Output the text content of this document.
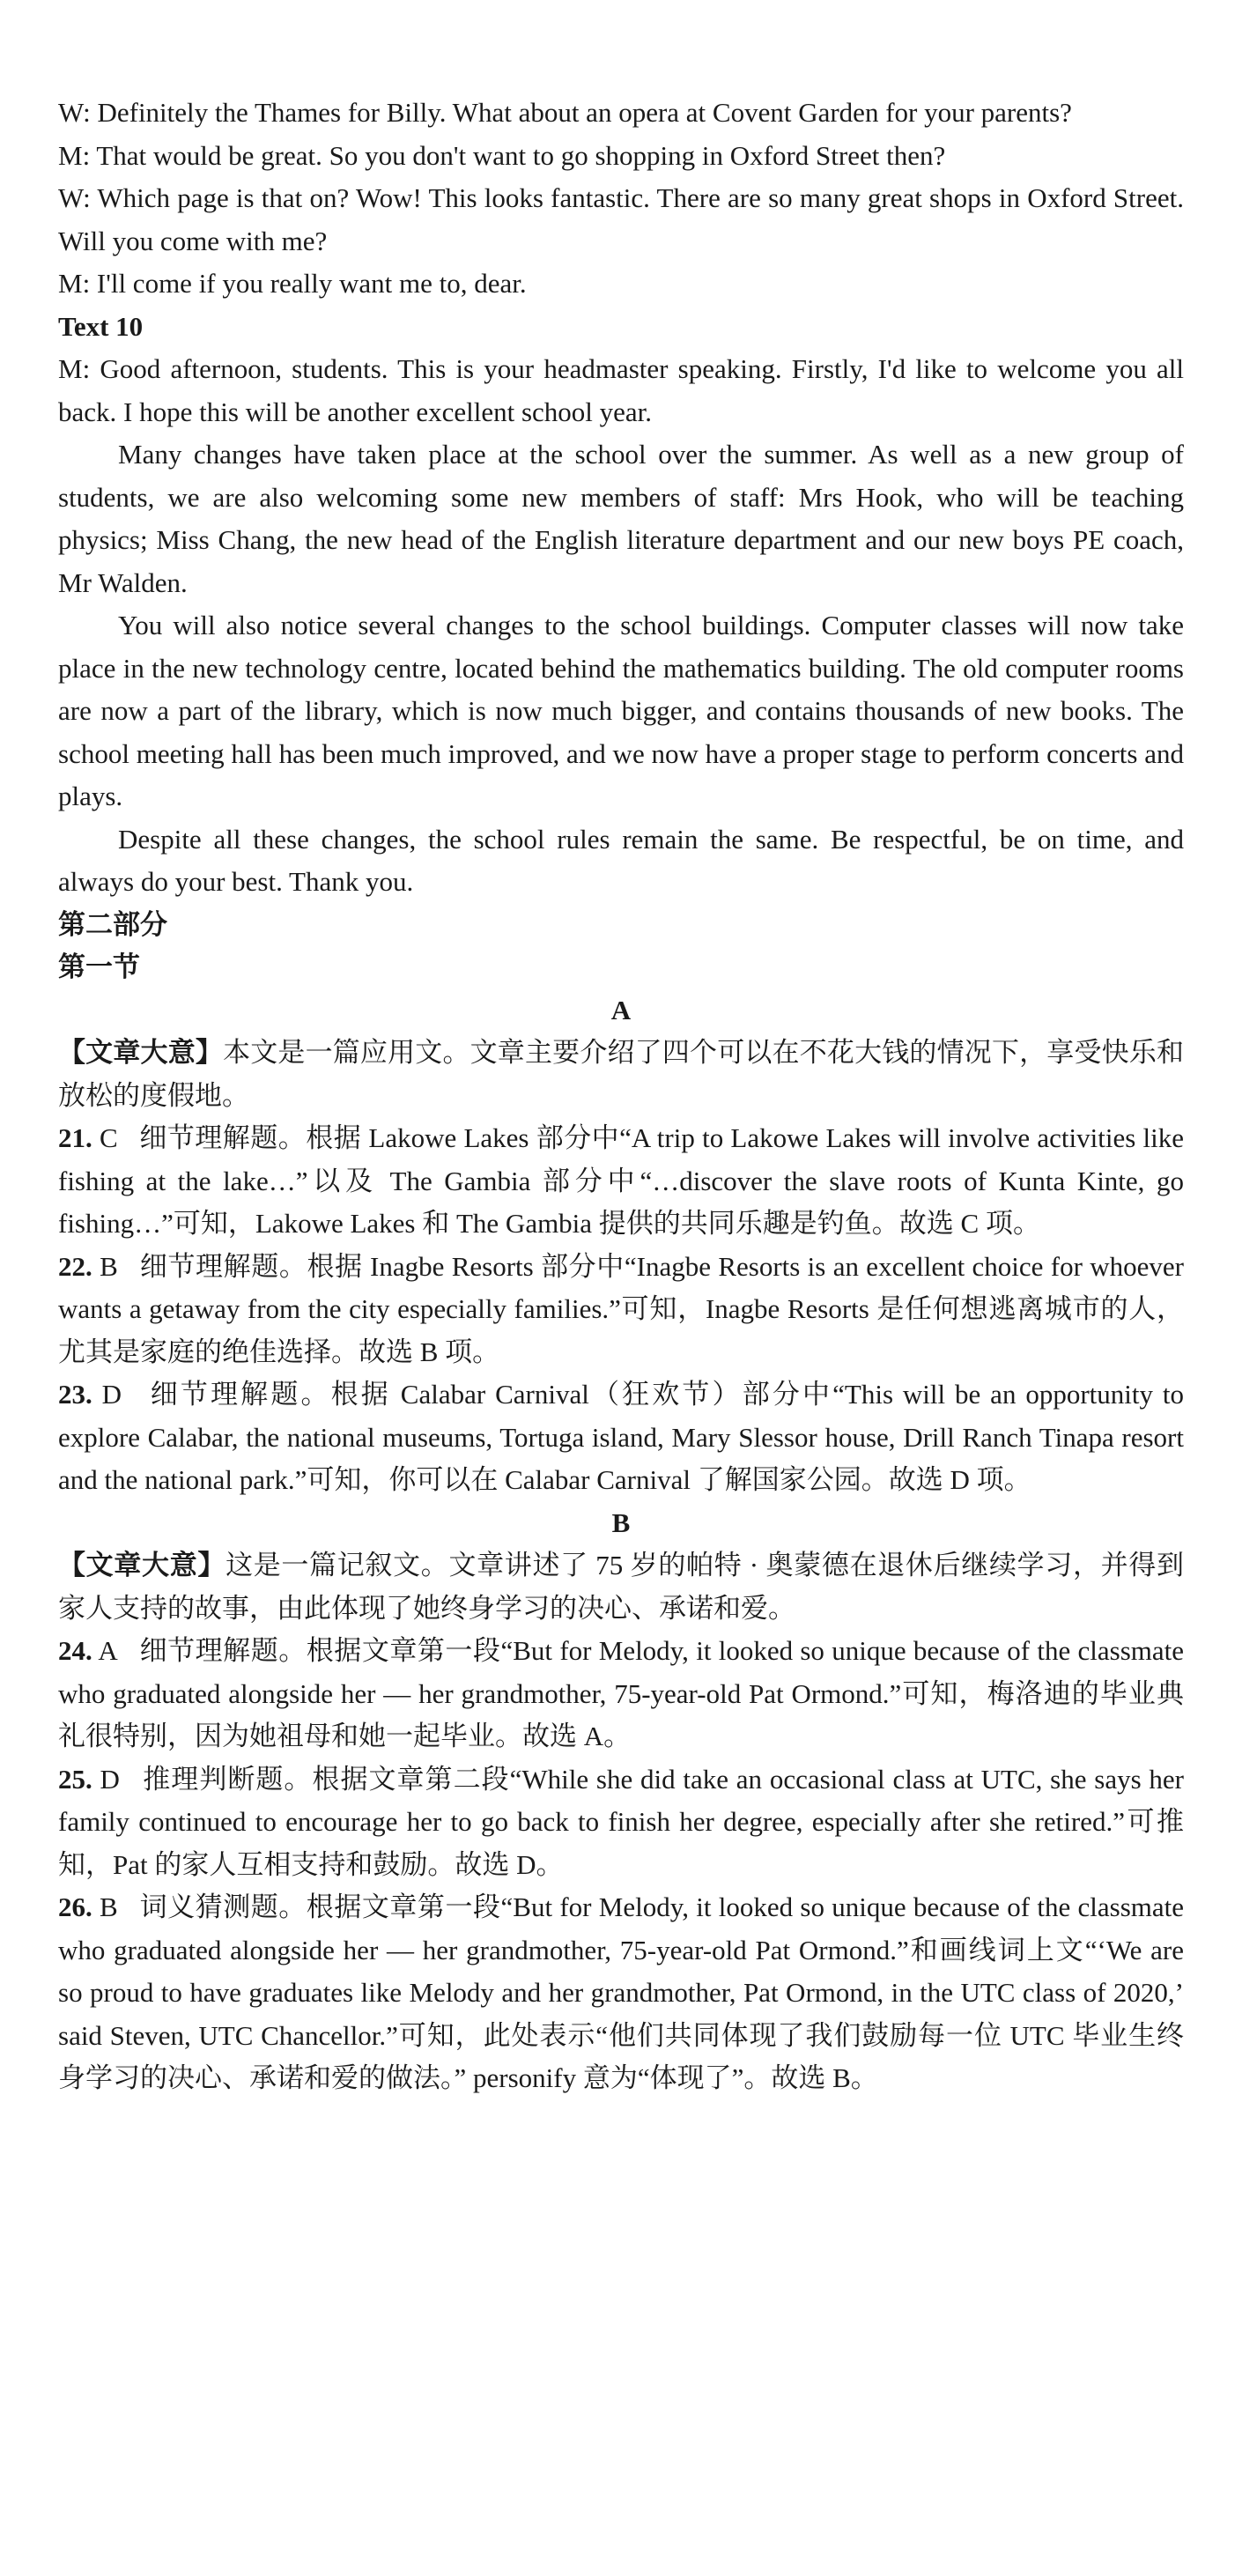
W: Definitely the Thames for Billy. What about an opera at Covent Garden for your parents?

M: That would be great. So you don't want to go shopping in Oxford Street then?

W: Which page is that on? Wow! This looks fantastic. There are so many great shops in Oxford Street. Will you come with me?

M: I'll come if you really want me to, dear.

Text 10

M: Good afternoon, students. This is your headmaster speaking. Firstly, I'd like to welcome you all back. I hope this will be another excellent school year.

Many changes have taken place at the school over the summer. As well as a new group of students, we are also welcoming some new members of staff: Mrs Hook, who will be teaching physics; Miss Chang, the new head of the English literature department and our new boys PE coach, Mr Walden.

You will also notice several changes to the school buildings. Computer classes will now take place in the new technology centre, located behind the mathematics building. The old computer rooms are now a part of the library, which is now much bigger, and contains thousands of new books. The school meeting hall has been much improved, and we now have a proper stage to perform concerts and plays.

Despite all these changes, the school rules remain the same. Be respectful, be on time, and always do your best. Thank you.

第二部分

第一节

A

【文章大意】本文是一篇应用文。文章主要介绍了四个可以在不花大钱的情况下，享受快乐和放松的度假地。

21. C 细节理解题。根据 Lakowe Lakes 部分中“A trip to Lakowe Lakes will involve activities like fishing at the lake…”以及 The Gambia 部分中“…discover the slave roots of Kunta Kinte, go fishing…”可知，Lakowe Lakes 和 The Gambia 提供的共同乐趣是钓鱼。故选 C 项。

22. B 细节理解题。根据 Inagbe Resorts 部分中“Inagbe Resorts is an excellent choice for whoever wants a getaway from the city especially families.”可知，Inagbe Resorts 是任何想逃离城市的人，尤其是家庭的绝佳选择。故选 B 项。

23. D 细节理解题。根据 Calabar Carnival（狂欢节）部分中“This will be an opportunity to explore Calabar, the national museums, Tortuga island, Mary Slessor house, Drill Ranch Tinapa resort and the national park.”可知，你可以在 Calabar Carnival 了解国家公园。故选 D 项。

B

【文章大意】这是一篇记叙文。文章讲述了 75 岁的帕特 · 奥蒙德在退休后继续学习，并得到家人支持的故事，由此体现了她终身学习的决心、承诺和爱。

24. A 细节理解题。根据文章第一段“But for Melody, it looked so unique because of the classmate who graduated alongside her — her grandmother, 75-year-old Pat Ormond.”可知，梅洛迪的毕业典礼很特别，因为她祖母和她一起毕业。故选 A。

25. D 推理判断题。根据文章第二段“While she did take an occasional class at UTC, she says her family continued to encourage her to go back to finish her degree, especially after she retired.”可推知，Pat 的家人互相支持和鼓励。故选 D。

26. B 词义猜测题。根据文章第一段“But for Melody, it looked so unique because of the classmate who graduated alongside her — her grandmother, 75-year-old Pat Ormond.”和画线词上文“‘We are so proud to have graduates like Melody and her grandmother, Pat Ormond, in the UTC class of 2020,’ said Steven, UTC Chancellor.”可知，此处表示“他们共同体现了我们鼓励每一位 UTC 毕业生终身学习的决心、承诺和爱的做法。” personify 意为“体现了”。故选 B。
